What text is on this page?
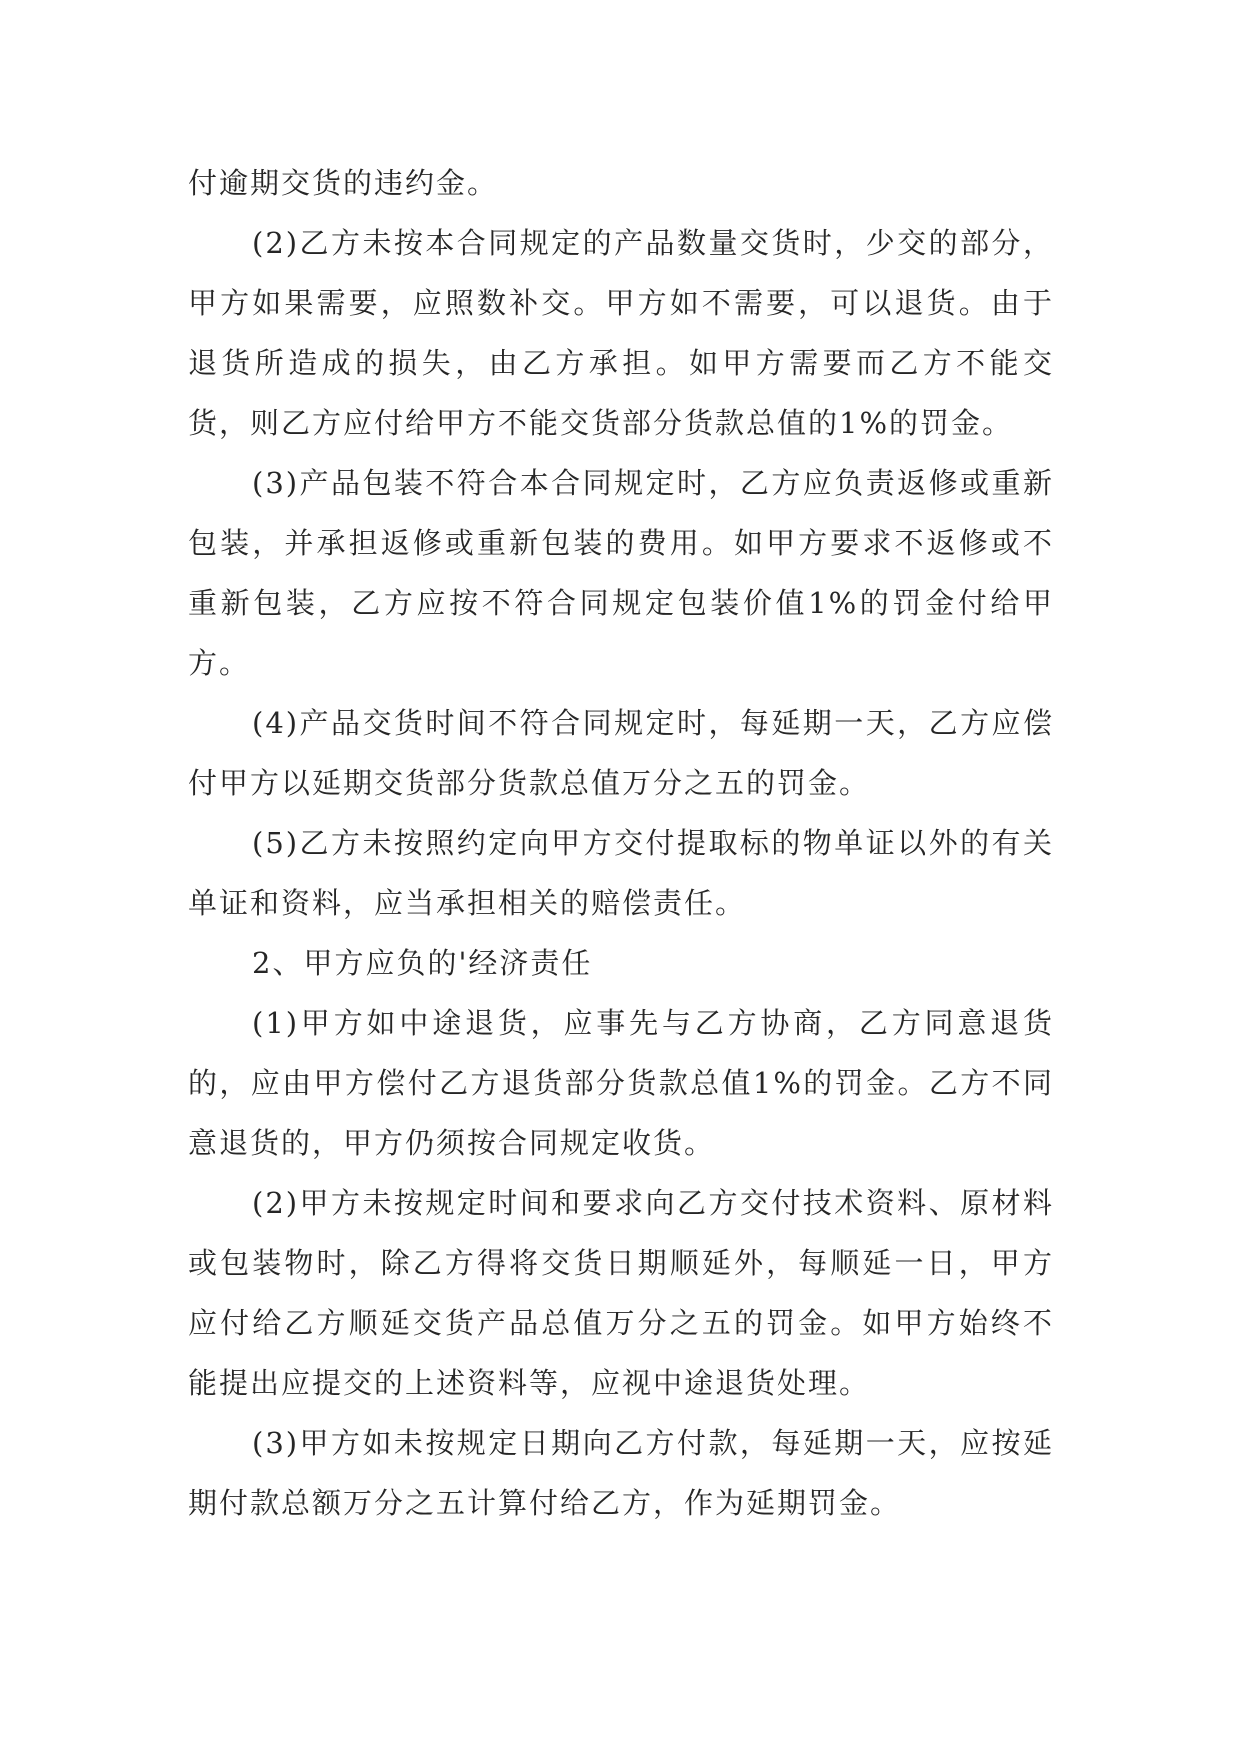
付逾期交货的违约金。

(2)乙方未按本合同规定的产品数量交货时，少交的部分，甲方如果需要，应照数补交。甲方如不需要，可以退货。由于退货所造成的损失，由乙方承担。如甲方需要而乙方不能交货，则乙方应付给甲方不能交货部分货款总值的1%的罚金。

(3)产品包装不符合本合同规定时，乙方应负责返修或重新包装，并承担返修或重新包装的费用。如甲方要求不返修或不重新包装，乙方应按不符合同规定包装价值1%的罚金付给甲方。

(4)产品交货时间不符合同规定时，每延期一天，乙方应偿付甲方以延期交货部分货款总值万分之五的罚金。

(5)乙方未按照约定向甲方交付提取标的物单证以外的有关单证和资料，应当承担相关的赔偿责任。

2、甲方应负的'经济责任

(1)甲方如中途退货，应事先与乙方协商，乙方同意退货的，应由甲方偿付乙方退货部分货款总值1%的罚金。乙方不同意退货的，甲方仍须按合同规定收货。

(2)甲方未按规定时间和要求向乙方交付技术资料、原材料或包装物时，除乙方得将交货日期顺延外，每顺延一日，甲方应付给乙方顺延交货产品总值万分之五的罚金。如甲方始终不能提出应提交的上述资料等，应视中途退货处理。

(3)甲方如未按规定日期向乙方付款，每延期一天，应按延期付款总额万分之五计算付给乙方，作为延期罚金。
